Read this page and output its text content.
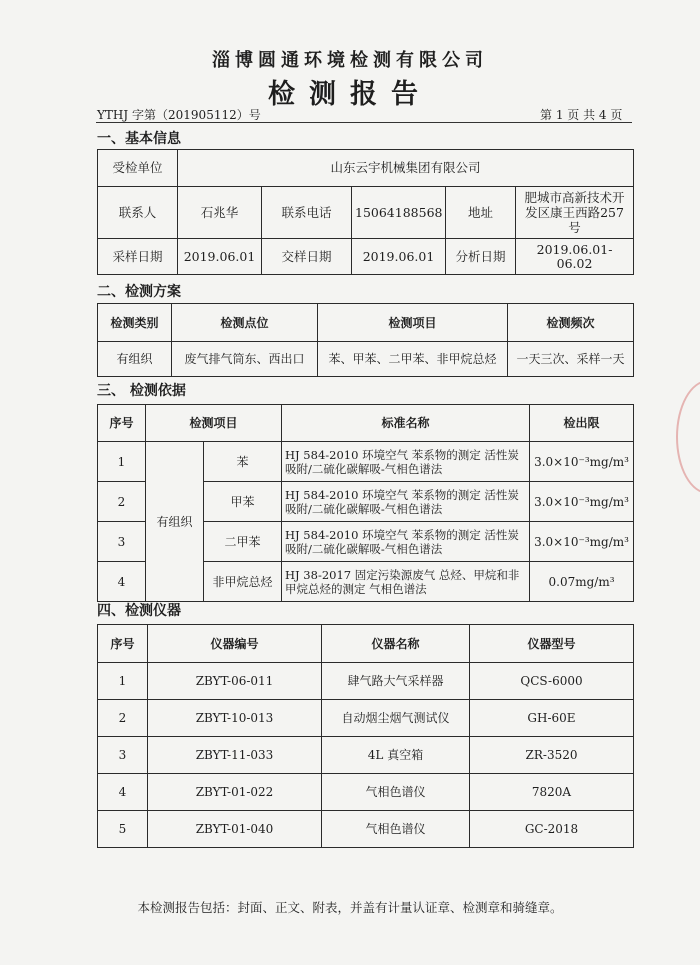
淄博圆通环境检测有限公司
检测报告
YTHJ 字第（201905112）号	第 1 页 共 4 页
一、基本信息
受检单位	山东云宇机械集团有限公司				
联系人	石兆华	联系电话	15064188568	地址	肥城市高新技术开发区康王西路257号
采样日期	2019.06.01	交样日期	2019.06.01	分析日期	2019.06.01-06.02
二、检测方案
检测类别	检测点位	检测项目	检测频次
有组织	废气排气筒东、西出口	苯、甲苯、二甲苯、非甲烷总烃	一天三次、采样一天
三、 检测依据
序号	检测项目		标准名称	检出限
1	有组织	苯	HJ 584-2010 环境空气 苯系物的测定 活性炭吸附/二硫化碳解吸-气相色谱法	3.0×10⁻³mg/m³
2		甲苯	HJ 584-2010 环境空气 苯系物的测定 活性炭吸附/二硫化碳解吸-气相色谱法	3.0×10⁻³mg/m³
3		二甲苯	HJ 584-2010 环境空气 苯系物的测定 活性炭吸附/二硫化碳解吸-气相色谱法	3.0×10⁻³mg/m³
4		非甲烷总烃	HJ 38-2017 固定污染源废气 总烃、甲烷和非甲烷总烃的测定 气相色谱法	0.07mg/m³
四、检测仪器
序号	仪器编号	仪器名称	仪器型号
1	ZBYT-06-011	肆气路大气采样器	QCS-6000
2	ZBYT-10-013	自动烟尘烟气测试仪	GH-60E
3	ZBYT-11-033	4L 真空箱	ZR-3520
4	ZBYT-01-022	气相色谱仪	7820A
5	ZBYT-01-040	气相色谱仪	GC-2018
本检测报告包括：封面、正文、附表，并盖有计量认证章、检测章和骑缝章。
